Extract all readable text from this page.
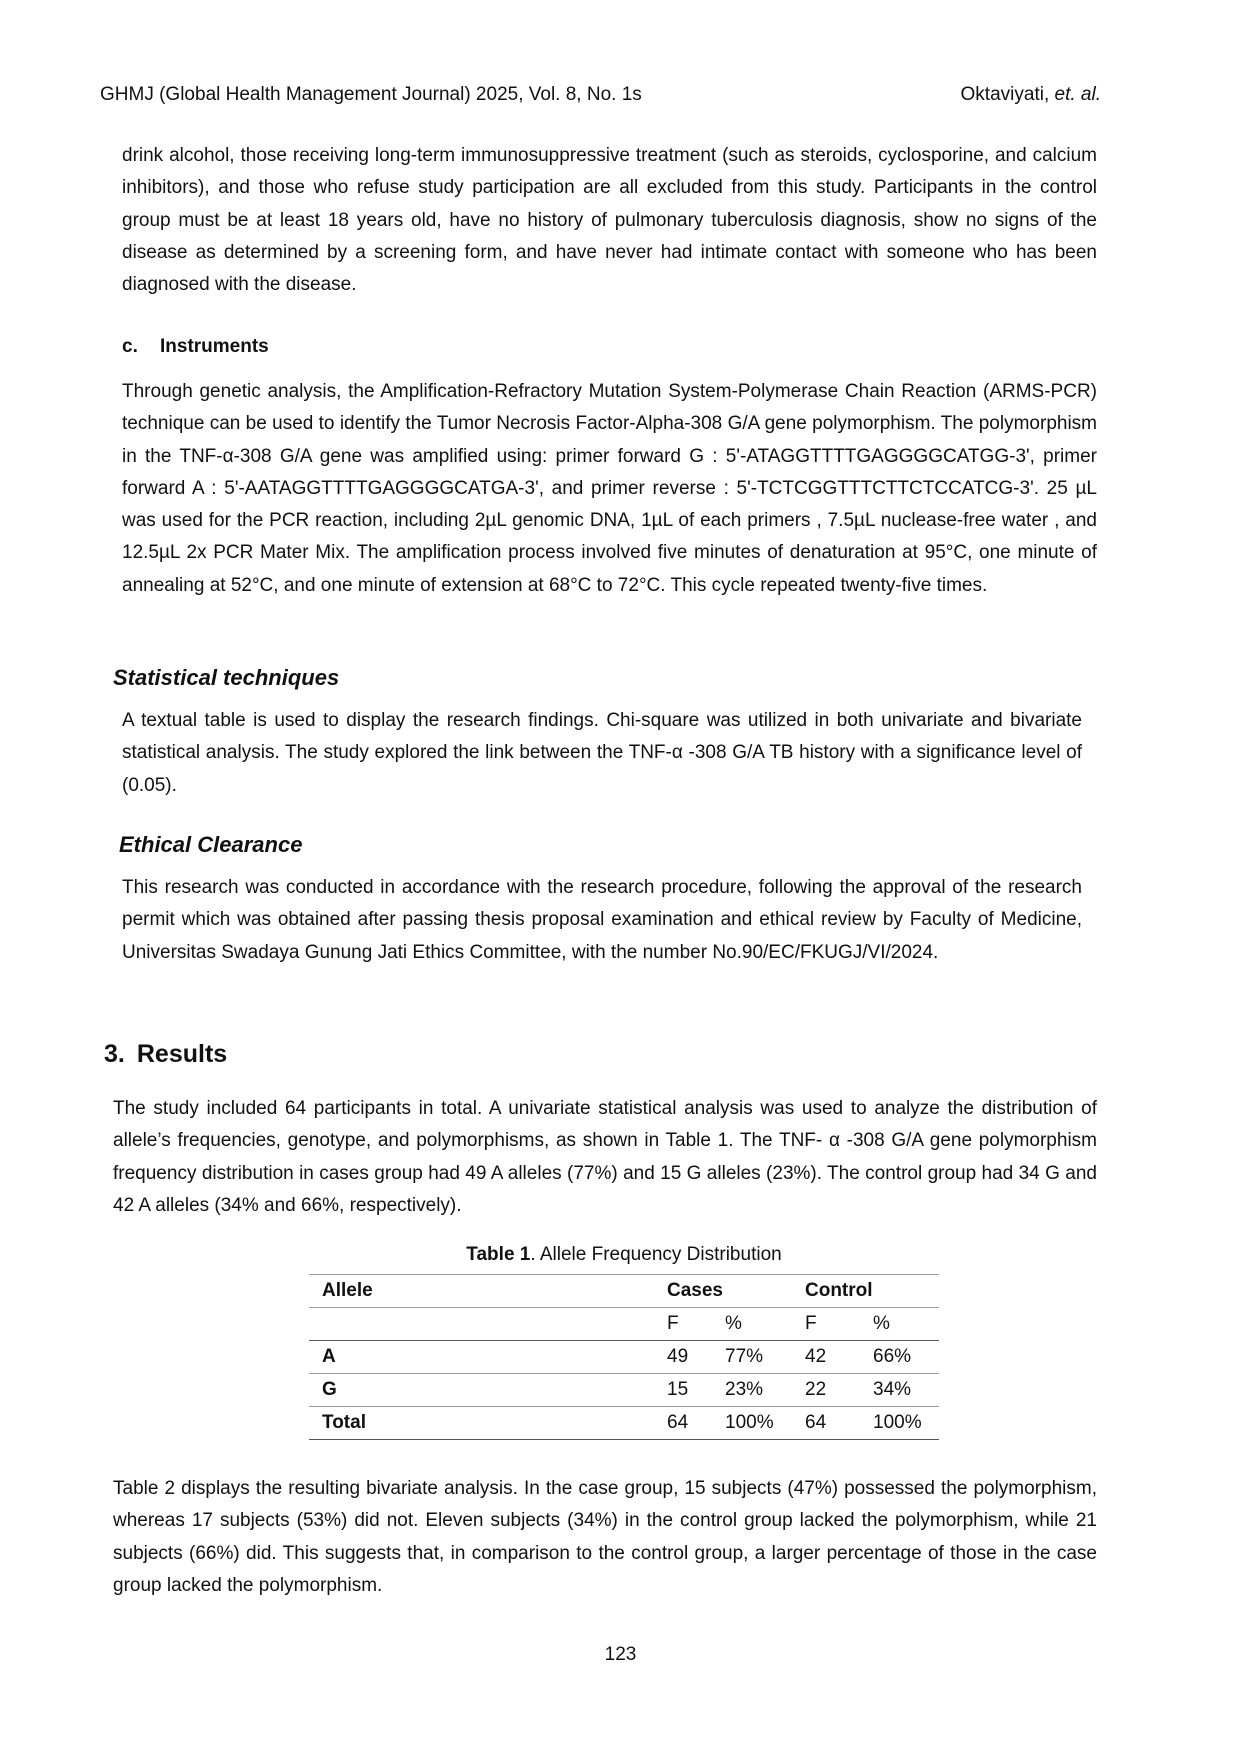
GHMJ (Global Health Management Journal) 2025, Vol. 8, No. 1s	Oktaviyati, et. al.

drink alcohol, those receiving long-term immunosuppressive treatment (such as steroids, cyclosporine, and calcium inhibitors), and those who refuse study participation are all excluded from this study. Participants in the control group must be at least 18 years old, have no history of pulmonary tuberculosis diagnosis, show no signs of the disease as determined by a screening form, and have never had intimate contact with someone who has been diagnosed with the disease.

c. Instruments

Through genetic analysis, the Amplification-Refractory Mutation System-Polymerase Chain Reaction (ARMS-PCR) technique can be used to identify the Tumor Necrosis Factor-Alpha-308 G/A gene polymorphism. The polymorphism in the TNF-α-308 G/A gene was amplified using: primer forward G : 5'-ATAGGTTTTGAGGGGCATGG-3', primer forward A : 5'-AATAGGTTTTGAGGGGCATGA-3', and primer reverse : 5'-TCTCGGTTTCTTCTCCATCG-3'. 25 µL was used for the PCR reaction, including 2µL genomic DNA, 1µL of each primers , 7.5µL nuclease-free water , and 12.5µL 2x PCR Mater Mix. The amplification process involved five minutes of denaturation at 95°C, one minute of annealing at 52°C, and one minute of extension at 68°C to 72°C. This cycle repeated twenty-five times.

Statistical techniques

A textual table is used to display the research findings. Chi-square was utilized in both univariate and bivariate statistical analysis. The study explored the link between the TNF-α -308 G/A TB history with a significance level of (0.05).

Ethical Clearance

This research was conducted in accordance with the research procedure, following the approval of the research permit which was obtained after passing thesis proposal examination and ethical review by Faculty of Medicine, Universitas Swadaya Gunung Jati Ethics Committee, with the number No.90/EC/FKUGJ/VI/2024.

3. Results

The study included 64 participants in total. A univariate statistical analysis was used to analyze the distribution of allele’s frequencies, genotype, and polymorphisms, as shown in Table 1. The TNF- α -308 G/A gene polymorphism frequency distribution in cases group had 49 A alleles (77%) and 15 G alleles (23%). The control group had 34 G and 42 A alleles (34% and 66%, respectively).

Table 1. Allele Frequency Distribution
Allele	Cases		Control	
	F	%	F	%
A	49	77%	42	66%
G	15	23%	22	34%
Total	64	100%	64	100%

Table 2 displays the resulting bivariate analysis. In the case group, 15 subjects (47%) possessed the polymorphism, whereas 17 subjects (53%) did not. Eleven subjects (34%) in the control group lacked the polymorphism, while 21 subjects (66%) did. This suggests that, in comparison to the control group, a larger percentage of those in the case group lacked the polymorphism.

123
